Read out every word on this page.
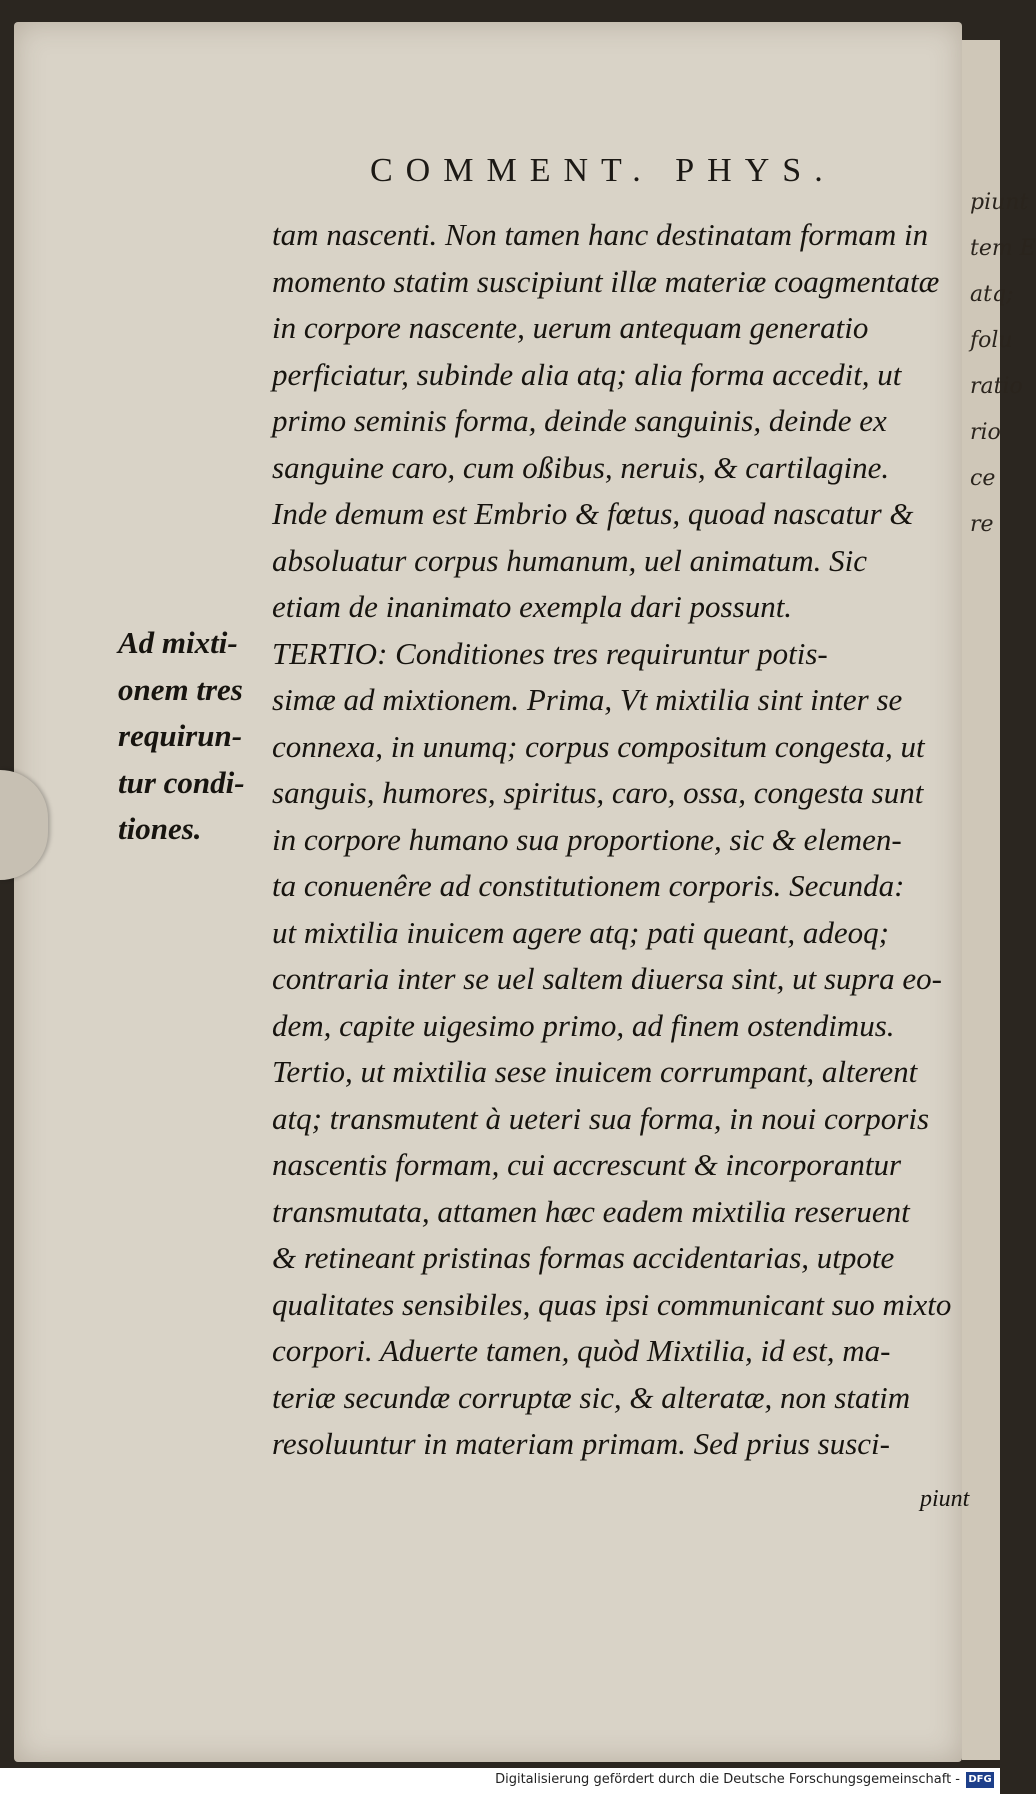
piunt
tem E
atq;
folu
ratio
rio
ce
re
COMMENT. PHYS.
Ad mixti-
onem tres
requirun-
tur condi-
tiones.
tam nascenti. Non tamen hanc destinatam formam in
momento statim suscipiunt illæ materiæ coagmentatæ
in corpore nascente, uerum antequam generatio
perficiatur, subinde alia atq; alia forma accedit, ut
primo seminis forma, deinde sanguinis, deinde ex
sanguine caro, cum oßibus, neruis, & cartilagine.
Inde demum est Embrio & fœtus, quoad nascatur &
absoluatur corpus humanum, uel animatum. Sic
etiam de inanimato exempla dari possunt.
TERTIO: Conditiones tres requiruntur potis-
simæ ad mixtionem. Prima, Vt mixtilia sint inter se
connexa, in unumq; corpus compositum congesta, ut
sanguis, humores, spiritus, caro, ossa, congesta sunt
in corpore humano sua proportione, sic & elemen-
ta conuenêre ad constitutionem corporis. Secunda:
ut mixtilia inuicem agere atq; pati queant, adeoq;
contraria inter se uel saltem diuersa sint, ut supra eo-
dem, capite uigesimo primo, ad finem ostendimus.
Tertio, ut mixtilia sese inuicem corrumpant, alterent
atq; transmutent à ueteri sua forma, in noui corporis
nascentis formam, cui accrescunt & incorporantur
transmutata, attamen hæc eadem mixtilia reseruent
& retineant pristinas formas accidentarias, utpote
qualitates sensibiles, quas ipsi communicant suo mixto
corpori. Aduerte tamen, quòd Mixtilia, id est, ma-
teriæ secundæ corruptæ sic, & alteratæ, non statim
resoluuntur in materiam primam. Sed prius susci-
piunt
Digitalisierung gefördert durch die Deutsche Forschungsgemeinschaft - DFG
